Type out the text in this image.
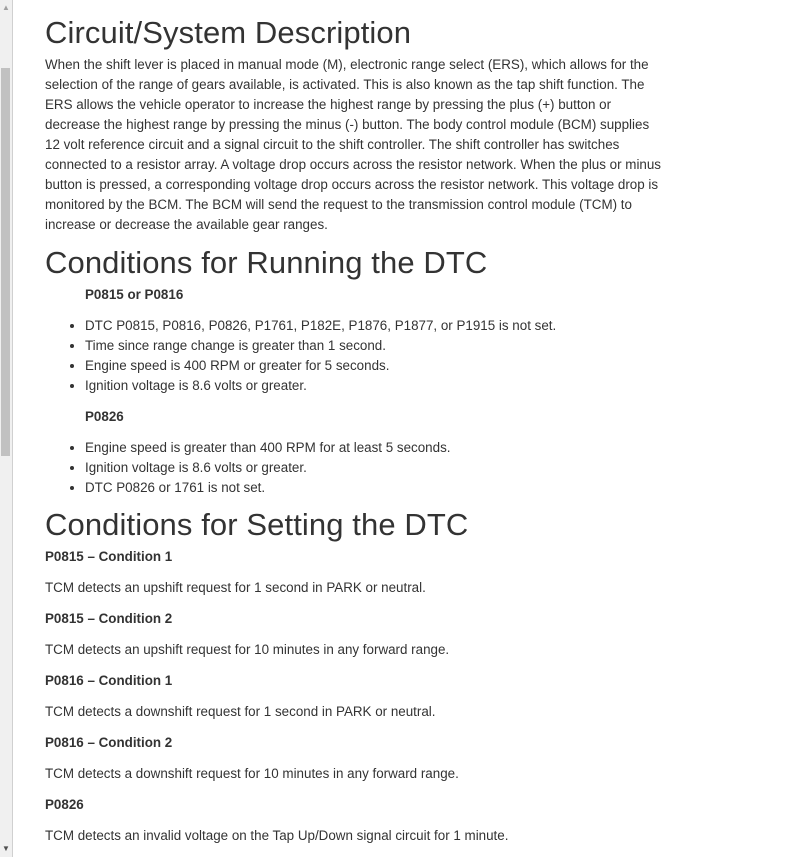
▲
▼
Circuit/System Description

When the shift lever is placed in manual mode (M), electronic range select (ERS), which allows for the selection of the range of gears available, is activated. This is also known as the tap shift function. The ERS allows the vehicle operator to increase the highest range by pressing the plus (+) button or decrease the highest range by pressing the minus (-) button. The body control module (BCM) supplies 12 volt reference circuit and a signal circuit to the shift controller. The shift controller has switches connected to a resistor array. A voltage drop occurs across the resistor network. When the plus or minus button is pressed, a corresponding voltage drop occurs across the resistor network. This voltage drop is monitored by the BCM. The BCM will send the request to the transmission control module (TCM) to increase or decrease the available gear ranges.

Conditions for Running the DTC
P0815 or P0816
• DTC P0815, P0816, P0826, P1761, P182E, P1876, P1877, or P1915 is not set.
• Time since range change is greater than 1 second.
• Engine speed is 400 RPM or greater for 5 seconds.
• Ignition voltage is 8.6 volts or greater.
P0826
• Engine speed is greater than 400 RPM for at least 5 seconds.
• Ignition voltage is 8.6 volts or greater.
• DTC P0826 or 1761 is not set.
Conditions for Setting the DTC
P0815 – Condition 1

TCM detects an upshift request for 1 second in PARK or neutral.

P0815 – Condition 2

TCM detects an upshift request for 10 minutes in any forward range.

P0816 – Condition 1

TCM detects a downshift request for 1 second in PARK or neutral.

P0816 – Condition 2

TCM detects a downshift request for 10 minutes in any forward range.

P0826

TCM detects an invalid voltage on the Tap Up/Down signal circuit for 1 minute.
